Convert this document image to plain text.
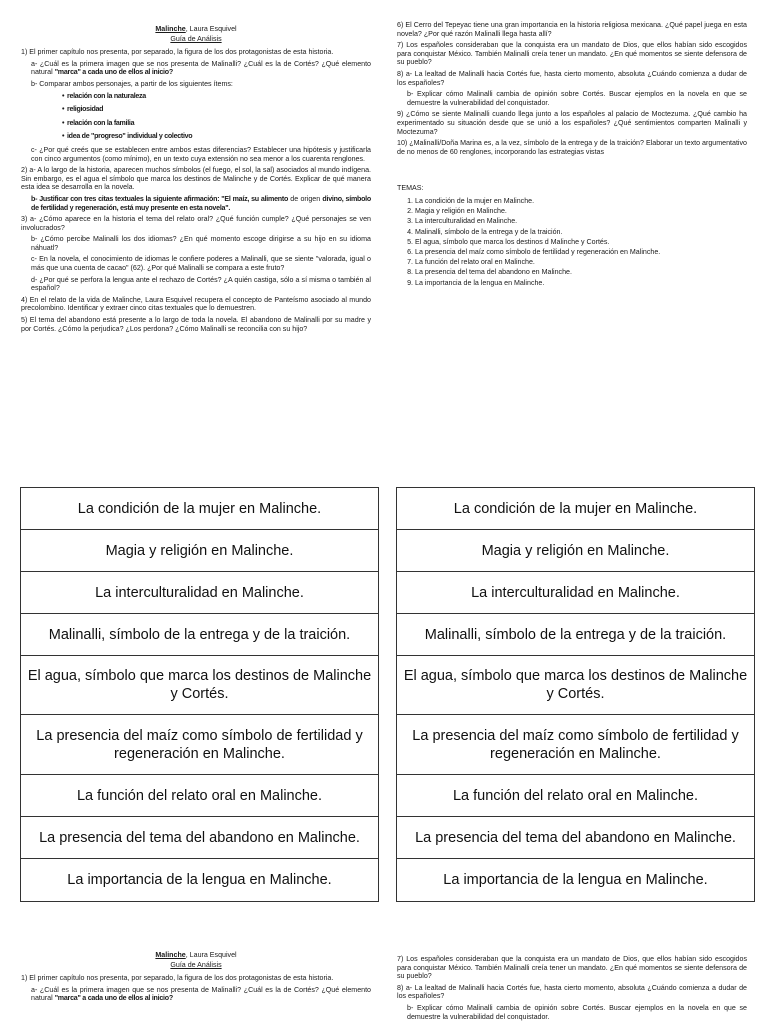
Malinche, Laura Esquivel

Guía de Análisis

1) El primer capítulo nos presenta, por separado, la figura de los dos protagonistas de esta historia.

a- ¿Cuál es la primera imagen que se nos presenta de Malinalli? ¿Cuál es la de Cortés? ¿Qué elemento natural "marca" a cada uno de ellos al inicio?

b- Comparar ambos personajes, a partir de los siguientes ítems:

• relación con la naturaleza
• religiosidad
• relación con la familia
• idea de "progreso" individual y colectivo

c- ¿Por qué creés que se establecen entre ambos estas diferencias? Establecer una hipótesis y justificarla con cinco argumentos (como mínimo), en un texto cuya extensión no sea menor a los cuarenta renglones.

2) a- A lo largo de la historia, aparecen muchos símbolos (el fuego, el sol, la sal) asociados al mundo indígena. Sin embargo, es el agua el símbolo que marca los destinos de Malinche y de Cortés. Explicar de qué manera esta idea se desarrolla en la novela.

b- Justificar con tres citas textuales la siguiente afirmación: "El maíz, su alimento de origen divino, símbolo de fertilidad y regeneración, está muy presente en esta novela".

3) a- ¿Cómo aparece en la historia el tema del relato oral? ¿Qué función cumple? ¿Qué personajes se ven involucrados?

b- ¿Cómo percibe Malinalli los dos idiomas? ¿En qué momento escoge dirigirse a su hijo en su idioma náhuatl?

c- En la novela, el conocimiento de idiomas le confiere poderes a Malinalli, que se siente "valorada, igual o más que una cuenta de cacao" (62). ¿Por qué Malinalli se compara a este fruto?

d- ¿Por qué se perfora la lengua ante el rechazo de Cortés? ¿A quién castiga, sólo a sí misma o también al español?

4) En el relato de la vida de Malinche, Laura Esquivel recupera el concepto de Panteísmo asociado al mundo precolombino. Identificar y extraer cinco citas textuales que lo demuestren.

5) El tema del abandono está presente a lo largo de toda la novela. El abandono de Malinalli por su madre y por Cortés. ¿Cómo la perjudica? ¿Los perdona? ¿Cómo Malinalli se reconcilia con su hijo?

6) El Cerro del Tepeyac tiene una gran importancia en la historia religiosa mexicana. ¿Qué papel juega en esta novela? ¿Por qué razón Malinalli llega hasta allí?

7) Los españoles consideraban que la conquista era un mandato de Dios, que ellos habían sido escogidos para conquistar México. También Malinalli creía tener un mandato. ¿En qué momentos se siente defensora de su pueblo?

8) a- La lealtad de Malinalli hacia Cortés fue, hasta cierto momento, absoluta ¿Cuándo comienza a dudar de los españoles?

b- Explicar cómo Malinalli cambia de opinión sobre Cortés. Buscar ejemplos en la novela en que se demuestre la vulnerabilidad del conquistador.

9) ¿Cómo se siente Malinalli cuando llega junto a los españoles al palacio de Moctezuma. ¿Qué cambio ha experimentado su situación desde que se unió a los españoles? ¿Qué sentimientos comparten Malinalli y Moctezuma?

10) ¿Malinalli/Doña Marina es, a la vez, símbolo de la entrega y de la traición? Elaborar un texto argumentativo de no menos de 60 renglones, incorporando las estrategias vistas

TEMAS:

1. La condición de la mujer en Malinche.
2. Magia y religión en Malinche.
3. La interculturalidad en Malinche.
4. Malinalli, símbolo de la entrega y de la traición.
5. El agua, símbolo que marca los destinos d Malinche y Cortés.
6. La presencia del maíz como símbolo de fertilidad y regeneración en Malinche.
7. La función del relato oral en Malinche.
8. La presencia del tema del abandono en Malinche.
9. La importancia de la lengua en Malinche.
La condición de la mujer en Malinche.
Magia y religión en Malinche.
La interculturalidad en Malinche.
Malinalli, símbolo de la entrega y de la traición.
El agua, símbolo que marca los destinos de Malinche y Cortés.
La presencia del maíz como símbolo de fertilidad y regeneración en Malinche.
La función del relato oral en Malinche.
La presencia del tema del abandono en Malinche.
La importancia de la lengua en Malinche.
La condición de la mujer en Malinche.
Magia y religión en Malinche.
La interculturalidad en Malinche.
Malinalli, símbolo de la entrega y de la traición.
El agua, símbolo que marca los destinos de Malinche y Cortés.
La presencia del maíz como símbolo de fertilidad y regeneración en Malinche.
La función del relato oral en Malinche.
La presencia del tema del abandono en Malinche.
La importancia de la lengua en Malinche.

Malinche, Laura Esquivel

Guía de Análisis

1) El primer capítulo nos presenta, por separado, la figura de los dos protagonistas de esta historia.

a- ¿Cuál es la primera imagen que se nos presenta de Malinalli? ¿Cuál es la de Cortés? ¿Qué elemento natural "marca" a cada uno de ellos al inicio?

7) Los españoles consideraban que la conquista era un mandato de Dios, que ellos habían sido escogidos para conquistar México. También Malinalli creía tener un mandato. ¿En qué momentos se siente defensora de su pueblo?

8) a- La lealtad de Malinalli hacia Cortés fue, hasta cierto momento, absoluta ¿Cuándo comienza a dudar de los españoles?

b- Explicar cómo Malinalli cambia de opinión sobre Cortés. Buscar ejemplos en la novela en que se demuestre la vulnerabilidad del conquistador.
